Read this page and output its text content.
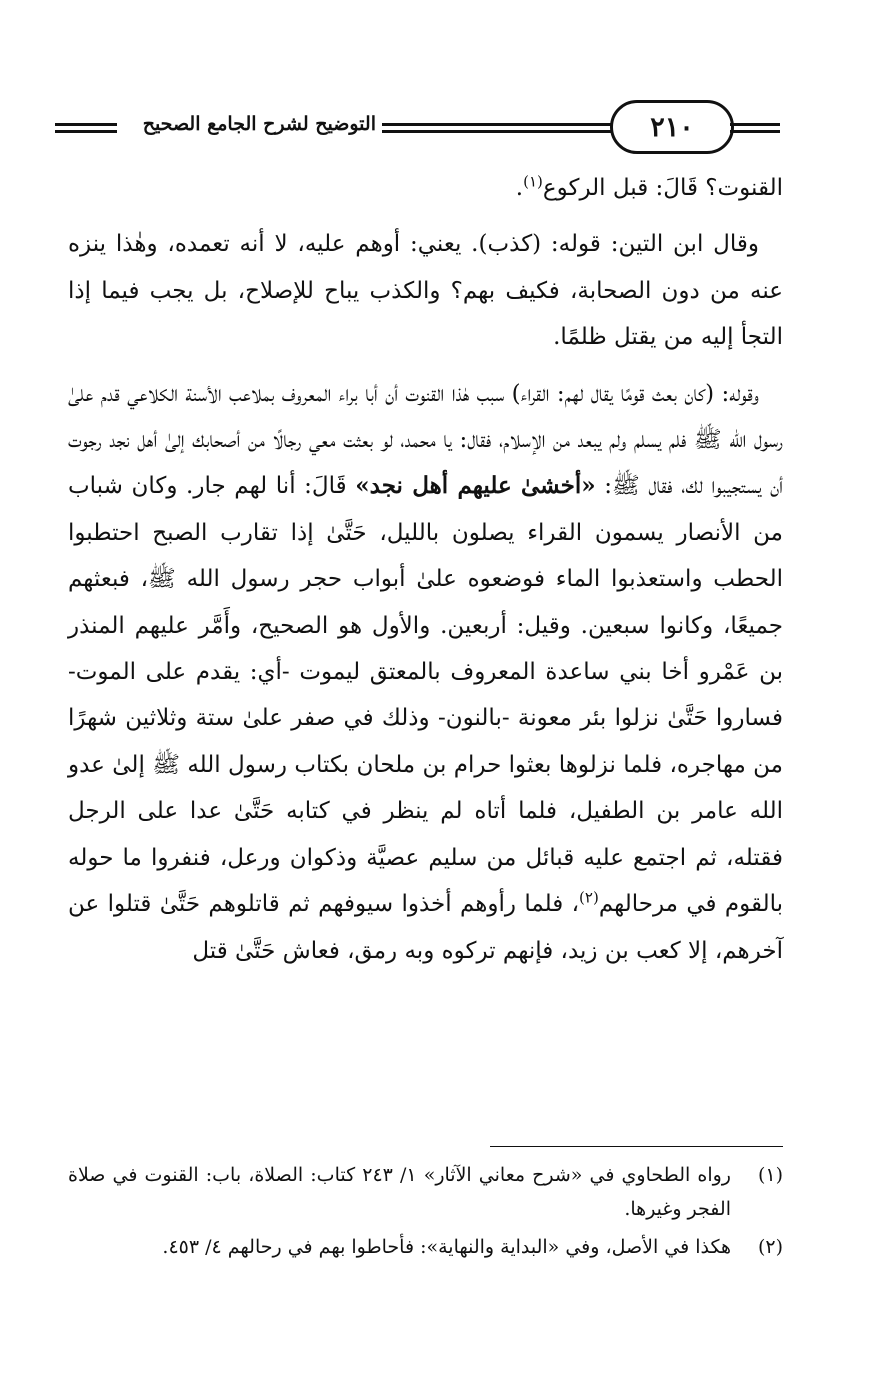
٢١٠
التوضيح لشرح الجامع الصحيح

القنوت؟ قَالَ: قبل الركوع$^{(١)}$.

وقال ابن التين: قوله: (كذب). يعني: أوهم عليه، لا أنه تعمده، وهٰذا ينزه عنه من دون الصحابة، فكيف بهم؟ والكذب يباح للإصلاح، بل يجب فيما إذا التجأ إليه من يقتل ظلمًا.

وقوله: (كان بعث قومًا يقال لهم: القراء) سبب هٰذا القنوت أن أبا براء المعروف بملاعب الأسنة الكلاعي قدم علىٰ رسول الله ﷺ فلم يسلم ولم يبعد من الإسلام، فقال: يا محمد، لو بعثت معي رجالًا من أصحابك إلىٰ أهل نجد رجوت أن يستجيبوا لك، فقال ﷺ: «أخشىٰ عليهم أهل نجد» قَالَ: أنا لهم جار. وكان شباب من الأنصار يسمون القراء يصلون بالليل، حَتَّىٰ إذا تقارب الصبح احتطبوا الحطب واستعذبوا الماء فوضعوه علىٰ أبواب حجر رسول الله ﷺ، فبعثهم جميعًا، وكانوا سبعين. وقيل: أربعين. والأول هو الصحيح، وأَمَّر عليهم المنذر بن عَمْرو أخا بني ساعدة المعروف بالمعتق ليموت -أي: يقدم على الموت- فساروا حَتَّىٰ نزلوا بئر معونة -بالنون- وذلك في صفر علىٰ ستة وثلاثين شهرًا من مهاجره، فلما نزلوها بعثوا حرام بن ملحان بكتاب رسول الله ﷺ إلىٰ عدو الله عامر بن الطفيل، فلما أتاه لم ينظر في كتابه حَتَّىٰ عدا على الرجل فقتله، ثم اجتمع عليه قبائل من سليم عصيَّة وذكوان ورعل، فنفروا ما حوله بالقوم في مرحالهم$^{(٢)}$، فلما رأوهم أخذوا سيوفهم ثم قاتلوهم حَتَّىٰ قتلوا عن آخرهم، إلا كعب بن زيد، فإنهم تركوه وبه رمق، فعاش حَتَّىٰ قتل

(١)
رواه الطحاوي في «شرح معاني الآثار» ١/ ٢٤٣ كتاب: الصلاة، باب: القنوت في صلاة الفجر وغيرها.
(٢)
هكذا في الأصل، وفي «البداية والنهاية»: فأحاطوا بهم في رحالهم ٤/ ٤٥٣.
